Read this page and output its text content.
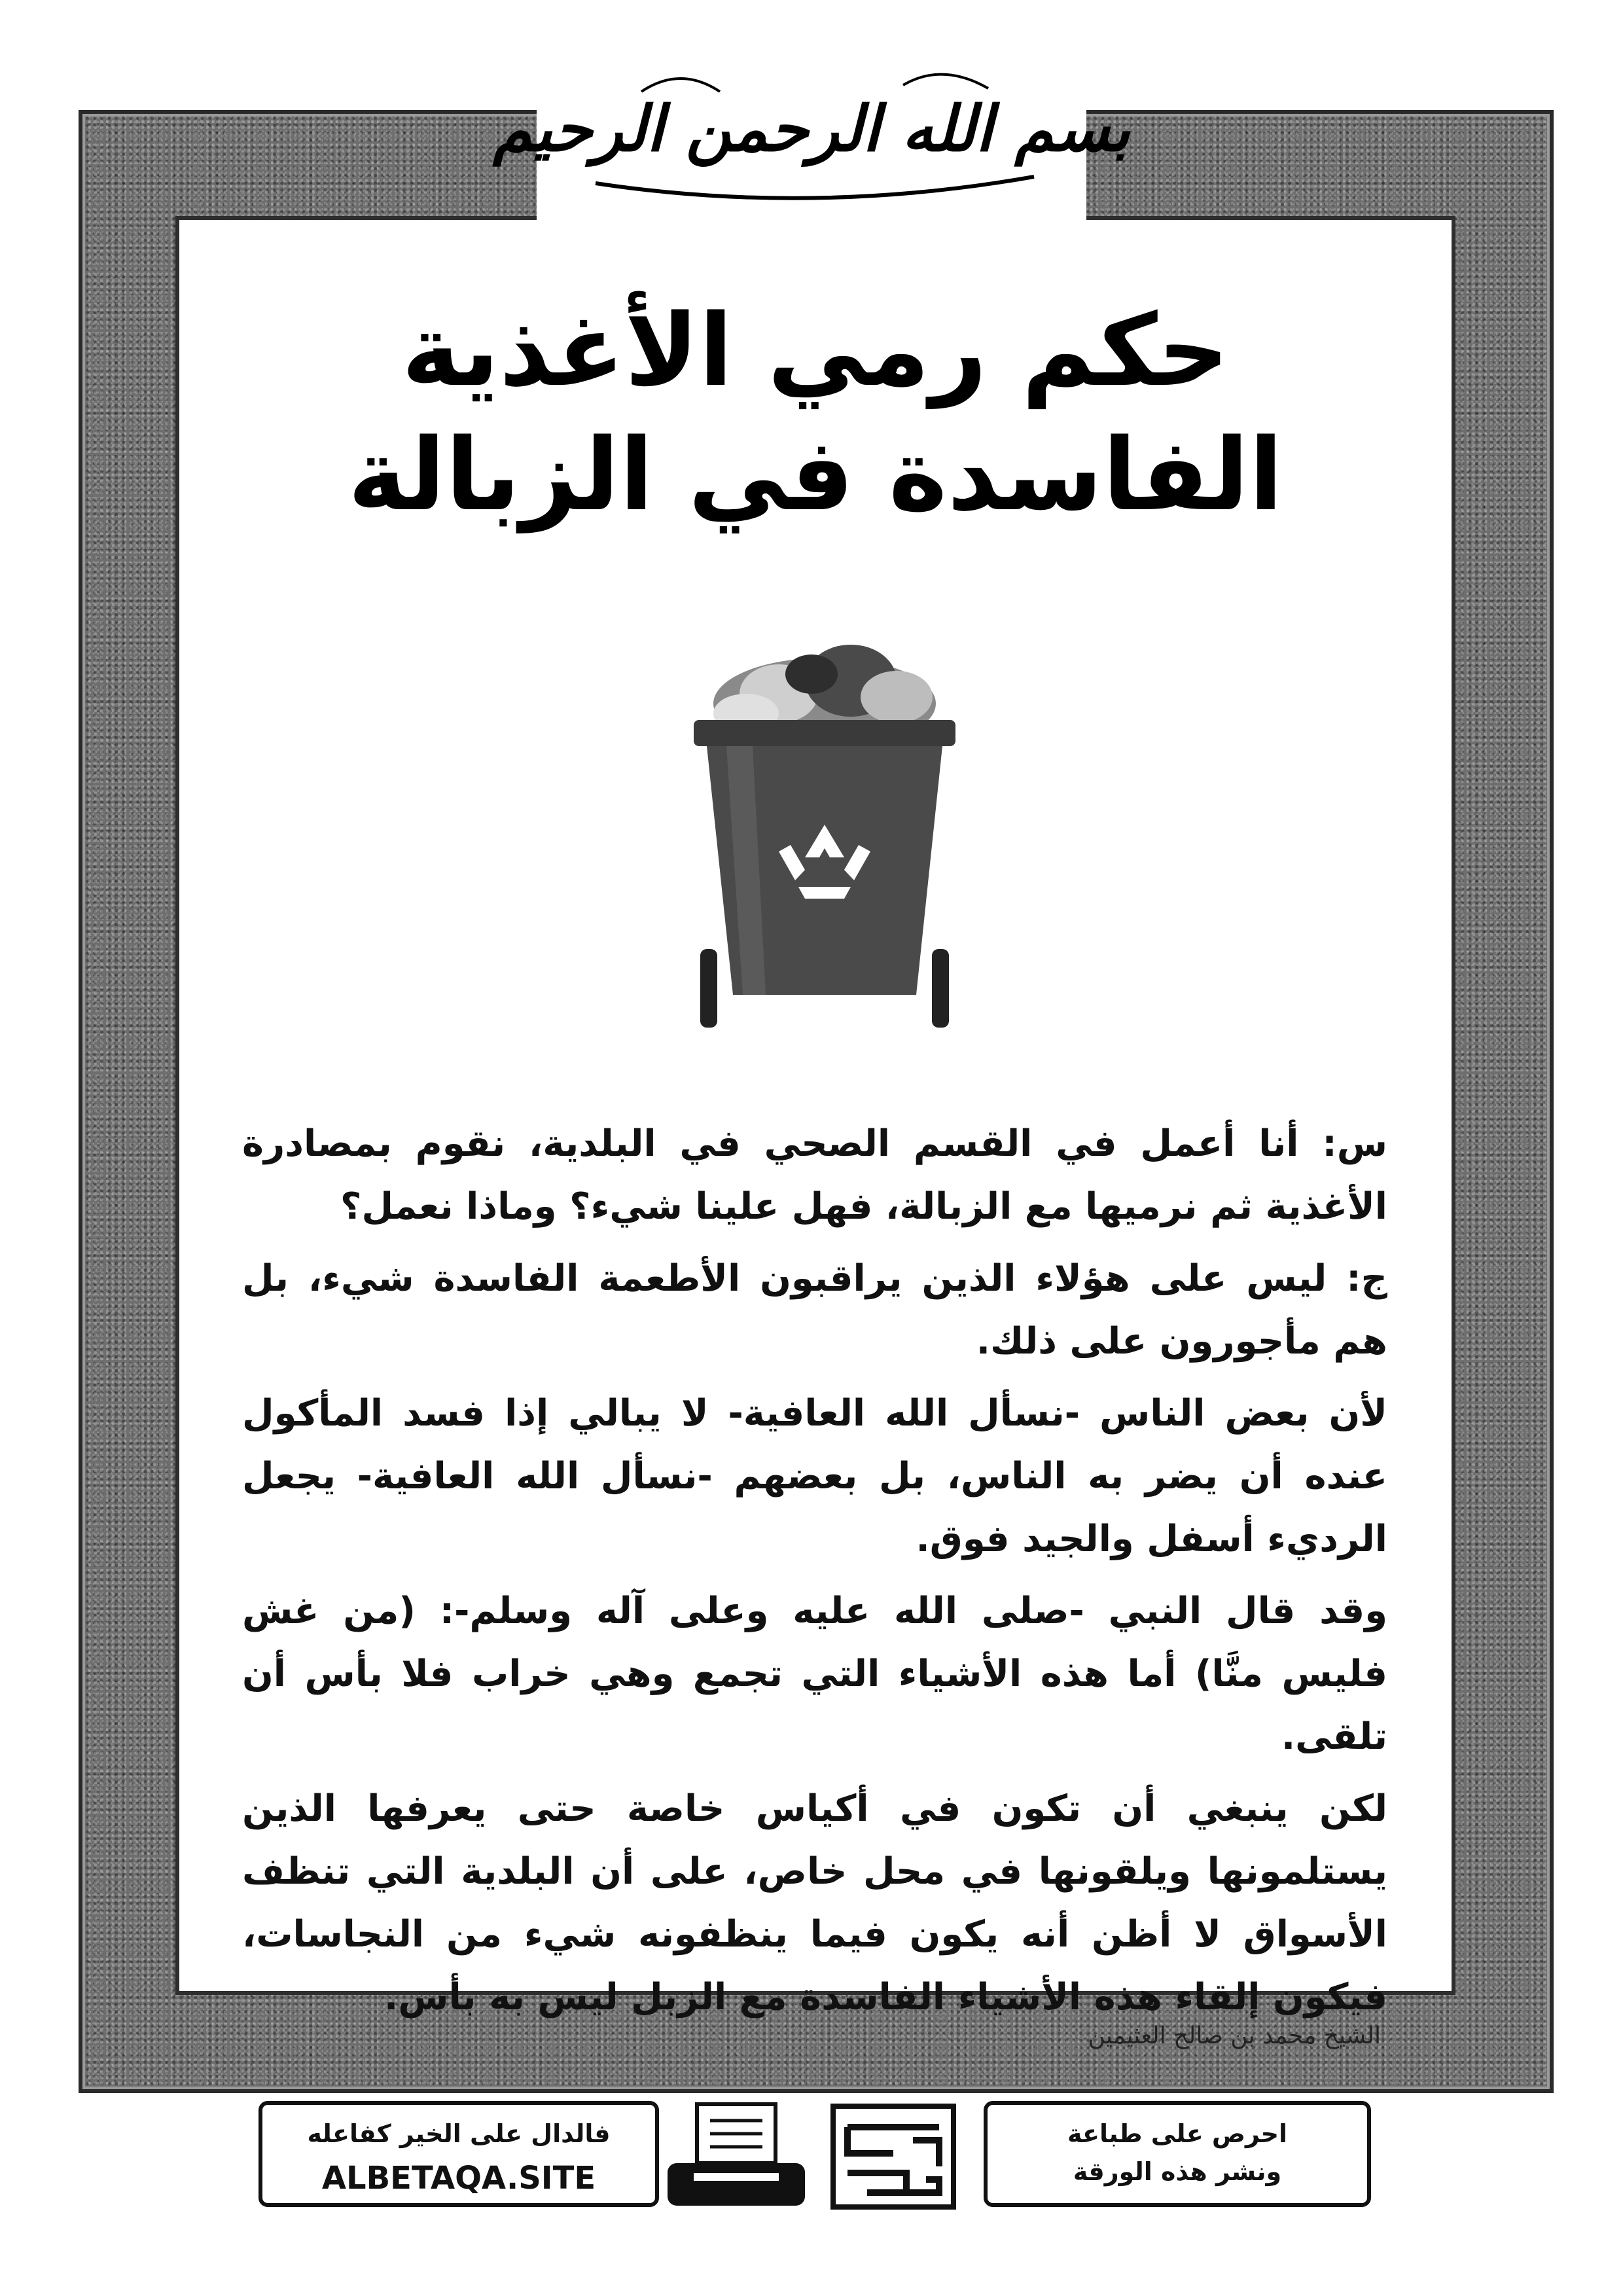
بسم الله الرحمن الرحيم
حكم رمي الأغذية
الفاسدة في الزبالة

س: أنا أعمل في القسم الصحي في البلدية، نقوم بمصادرة الأغذية ثم نرميها مع الزبالة، فهل علينا شيء؟ وماذا نعمل؟

ج: ليس على هؤلاء الذين يراقبون الأطعمة الفاسدة شيء، بل هم مأجورون على ذلك.

لأن بعض الناس -نسأل الله العافية- لا يبالي إذا فسد المأكول عنده أن يضر به الناس، بل بعضهم -نسأل الله العافية- يجعل الرديء أسفل والجيد فوق.

وقد قال النبي -صلى الله عليه وعلى آله وسلم-: (من غش فليس منَّا) أما هذه الأشياء التي تجمع وهي خراب فلا بأس أن تلقى.

لكن ينبغي أن تكون في أكياس خاصة حتى يعرفها الذين يستلمونها ويلقونها في محل خاص، على أن البلدية التي تنظف الأسواق لا أظن أنه يكون فيما ينظفونه شيء من النجاسات، فيكون إلقاء هذه الأشياء الفاسدة مع الزبل ليس به بأس.

الشيخ محمد بن صالح العثيمين
فالدال على الخير كفاعله
ALBETAQA.SITE
دعوة الورقة
احرص على طباعة
ونشر هذه الورقة
